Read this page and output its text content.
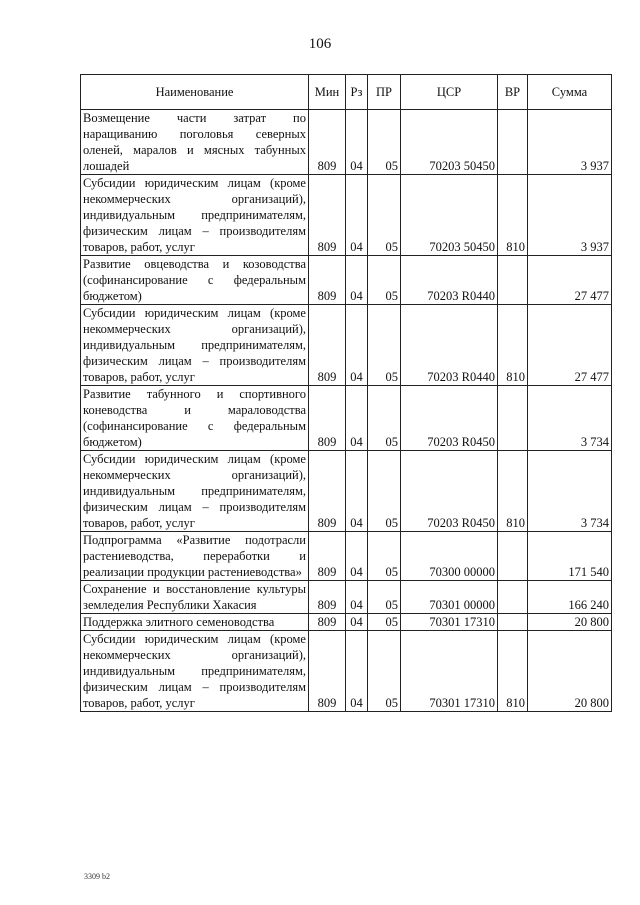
106
Наименование	Мин	Рз	ПР	ЦСР	ВР	Сумма
Возмещение части затрат по наращиванию поголовья северных оленей, маралов и мясных табунных лошадей	809	04	05	70203 50450		3 937
Субсидии юридическим лицам (кроме некоммерческих организаций), индивидуальным предпринимателям, физическим лицам – производителям товаров, работ, услуг	809	04	05	70203 50450	810	3 937
Развитие овцеводства и козоводства (софинансирование с федеральным бюджетом)	809	04	05	70203 R0440		27 477
Субсидии юридическим лицам (кроме некоммерческих организаций), индивидуальным предпринимателям, физическим лицам – производителям товаров, работ, услуг	809	04	05	70203 R0440	810	27 477
Развитие табунного и спортивного коневодства и мараловодства (софинансирование с федеральным бюджетом)	809	04	05	70203 R0450		3 734
Субсидии юридическим лицам (кроме некоммерческих организаций), индивидуальным предпринимателям, физическим лицам – производителям товаров, работ, услуг	809	04	05	70203 R0450	810	3 734
Подпрограмма «Развитие подотрасли растениеводства, переработки и реализации продукции растениеводства»	809	04	05	70300 00000		171 540
Сохранение и восстановление культуры земледелия Республики Хакасия	809	04	05	70301 00000		166 240
Поддержка элитного семеноводства	809	04	05	70301 17310		20 800
Субсидии юридическим лицам (кроме некоммерческих организаций), индивидуальным предпринимателям, физическим лицам – производителям товаров, работ, услуг	809	04	05	70301 17310	810	20 800
3309 b2
